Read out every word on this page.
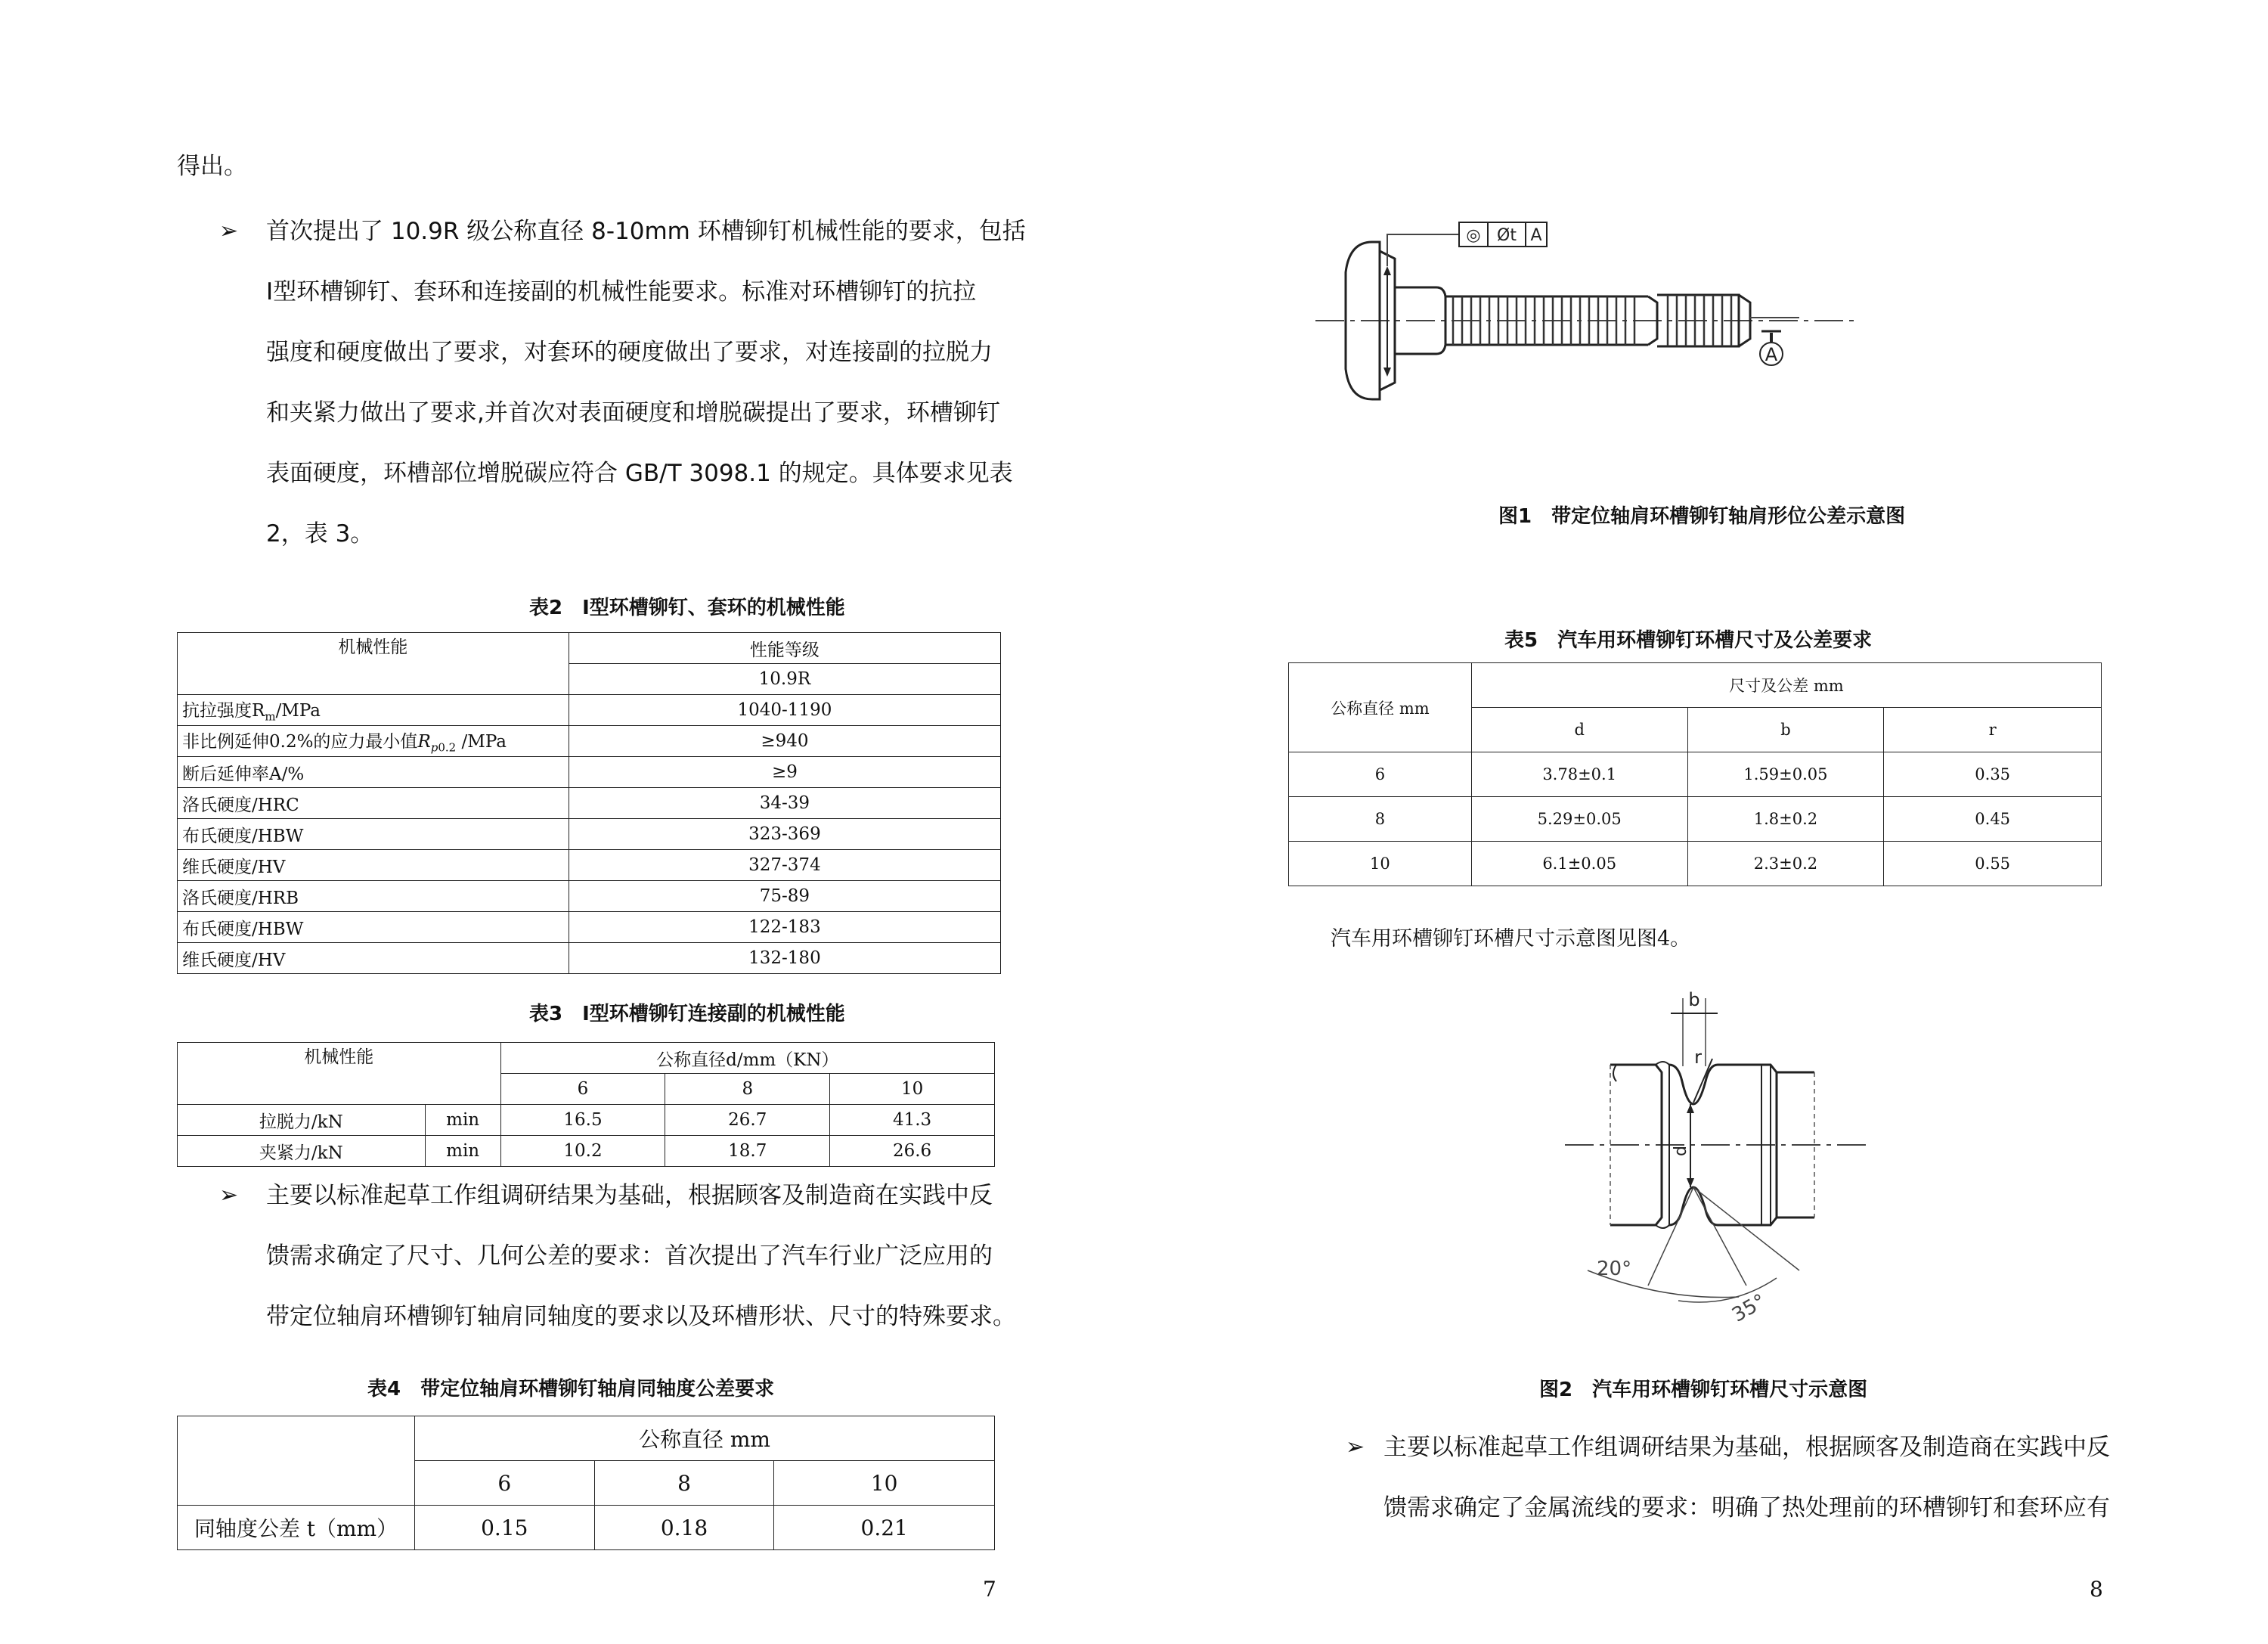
得出。
➢ 首次提出了 10.9R 级公称直径 8-10mm 环槽铆钉机械性能的要求，包括
Ⅰ型环槽铆钉、套环和连接副的机械性能要求。标准对环槽铆钉的抗拉
强度和硬度做出了要求，对套环的硬度做出了要求，对连接副的拉脱力
和夹紧力做出了要求,并首次对表面硬度和增脱碳提出了要求，环槽铆钉
表面硬度，环槽部位增脱碳应符合 GB/T 3098.1 的规定。具体要求见表
2，表 3。
表2　Ⅰ型环槽铆钉、套环的机械性能
机械性能	性能等级
	10.9R
抗拉强度$R_m$/MPa	1040-1190
非比例延伸0.2%的应力最小值$R_{p0.2}$ /MPa	≥940
断后延伸率A/%	≥9
洛氏硬度/HRC	34-39
布氏硬度/HBW	323-369
维氏硬度/HV	327-374
洛氏硬度/HRB	75-89
布氏硬度/HBW	122-183
维氏硬度/HV	132-180
表3　Ⅰ型环槽铆钉连接副的机械性能
机械性能		公称直径d/mm（KN）		
		6	8	10
拉脱力/kN	min	16.5	26.7	41.3
夹紧力/kN	min	10.2	18.7	26.6
➢ 主要以标准起草工作组调研结果为基础，根据顾客及制造商在实践中反
馈需求确定了尺寸、几何公差的要求：首次提出了汽车行业广泛应用的
带定位轴肩环槽铆钉轴肩同轴度的要求以及环槽形状、尺寸的特殊要求。
表4　带定位轴肩环槽铆钉轴肩同轴度公差要求
	公称直径 mm		
	6	8	10
同轴度公差 t（mm）	0.15	0.18	0.21
7
A
◎ Øt A
图1　带定位轴肩环槽铆钉轴肩形位公差示意图
表5　汽车用环槽铆钉环槽尺寸及公差要求
公称直径 mm	尺寸及公差 mm		
	d	b	r
6	3.78±0.1	1.59±0.05	0.35
8	5.29±0.05	1.8±0.2	0.45
10	6.1±0.05	2.3±0.2	0.55
汽车用环槽铆钉环槽尺寸示意图见图4。
d
b
r
20°
35°
图2　汽车用环槽铆钉环槽尺寸示意图
➢ 主要以标准起草工作组调研结果为基础，根据顾客及制造商在实践中反
馈需求确定了金属流线的要求：明确了热处理前的环槽铆钉和套环应有
8
